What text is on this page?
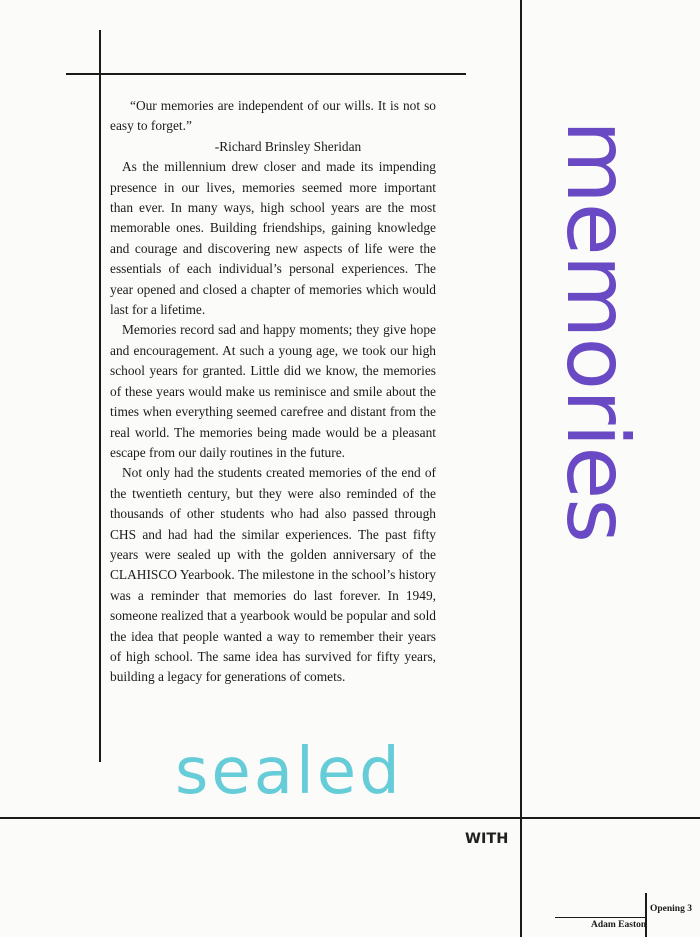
“Our memories are independent of our wills. It is not so easy to forget.”

-Richard Brinsley Sheridan

As the millennium drew closer and made its impending presence in our lives, memories seemed more important than ever. In many ways, high school years are the most memorable ones. Building friendships, gaining knowledge and courage and discovering new aspects of life were the essentials of each individual’s personal experiences. The year opened and closed a chapter of memories which would last for a lifetime.

Memories record sad and happy moments; they give hope and encouragement. At such a young age, we took our high school years for granted. Little did we know, the memories of these years would make us reminisce and smile about the times when everything seemed carefree and distant from the real world. The memories being made would be a pleasant escape from our daily routines in the future.

Not only had the students created memories of the end of the twentieth century, but they were also reminded of the thousands of other students who had also passed through CHS and had had the similar experiences. The past fifty years were sealed up with the golden anniversary of the CLAHISCO Yearbook. The milestone in the school’s history was a reminder that memories do last forever. In 1949, someone realized that a yearbook would be popular and sold the idea that people wanted a way to remember their years of high school. The same idea has survived for fifty years, building a legacy for generations of comets.

memories
sealed
WITH
Opening 3
Adam Easton
